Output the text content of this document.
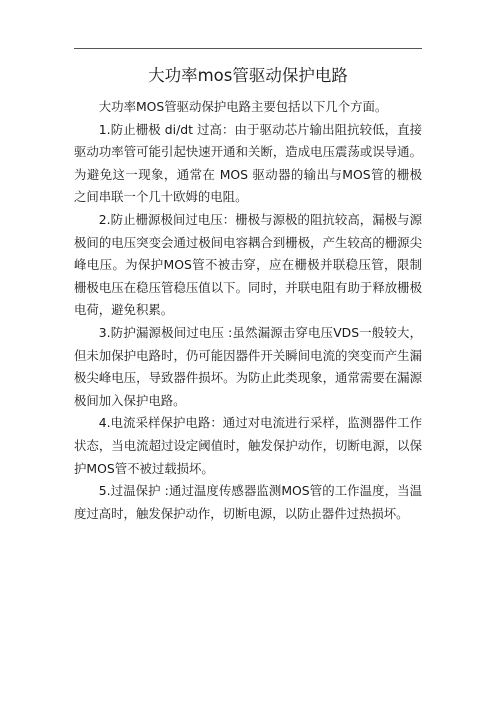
大功率mos管驱动保护电路

大功率MOS管驱动保护电路主要包括以下几个方面。

1.防止栅极 di/dt 过高：由于驱动芯片输出阻抗较低，直接驱动功率管可能引起快速开通和关断，造成电压震荡或误导通。为避免这一现象，通常在 MOS 驱动器的输出与MOS管的栅极之间串联一个几十欧姆的电阻。

2.防止栅源极间过电压：栅极与源极的阻抗较高，漏极与源极间的电压突变会通过极间电容耦合到栅极，产生较高的栅源尖峰电压。为保护MOS管不被击穿，应在栅极并联稳压管，限制栅极电压在稳压管稳压值以下。同时，并联电阻有助于释放栅极电荷，避免积累。

3.防护漏源极间过电压 :虽然漏源击穿电压VDS一般较大，但未加保护电路时，仍可能因器件开关瞬间电流的突变而产生漏极尖峰电压，导致器件损坏。为防止此类现象，通常需要在漏源极间加入保护电路。

4.电流采样保护电路：通过对电流进行采样，监测器件工作状态，当电流超过设定阈值时，触发保护动作，切断电源，以保护MOS管不被过载损坏。

5.过温保护 :通过温度传感器监测MOS管的工作温度，当温度过高时，触发保护动作，切断电源，以防止器件过热损坏。
